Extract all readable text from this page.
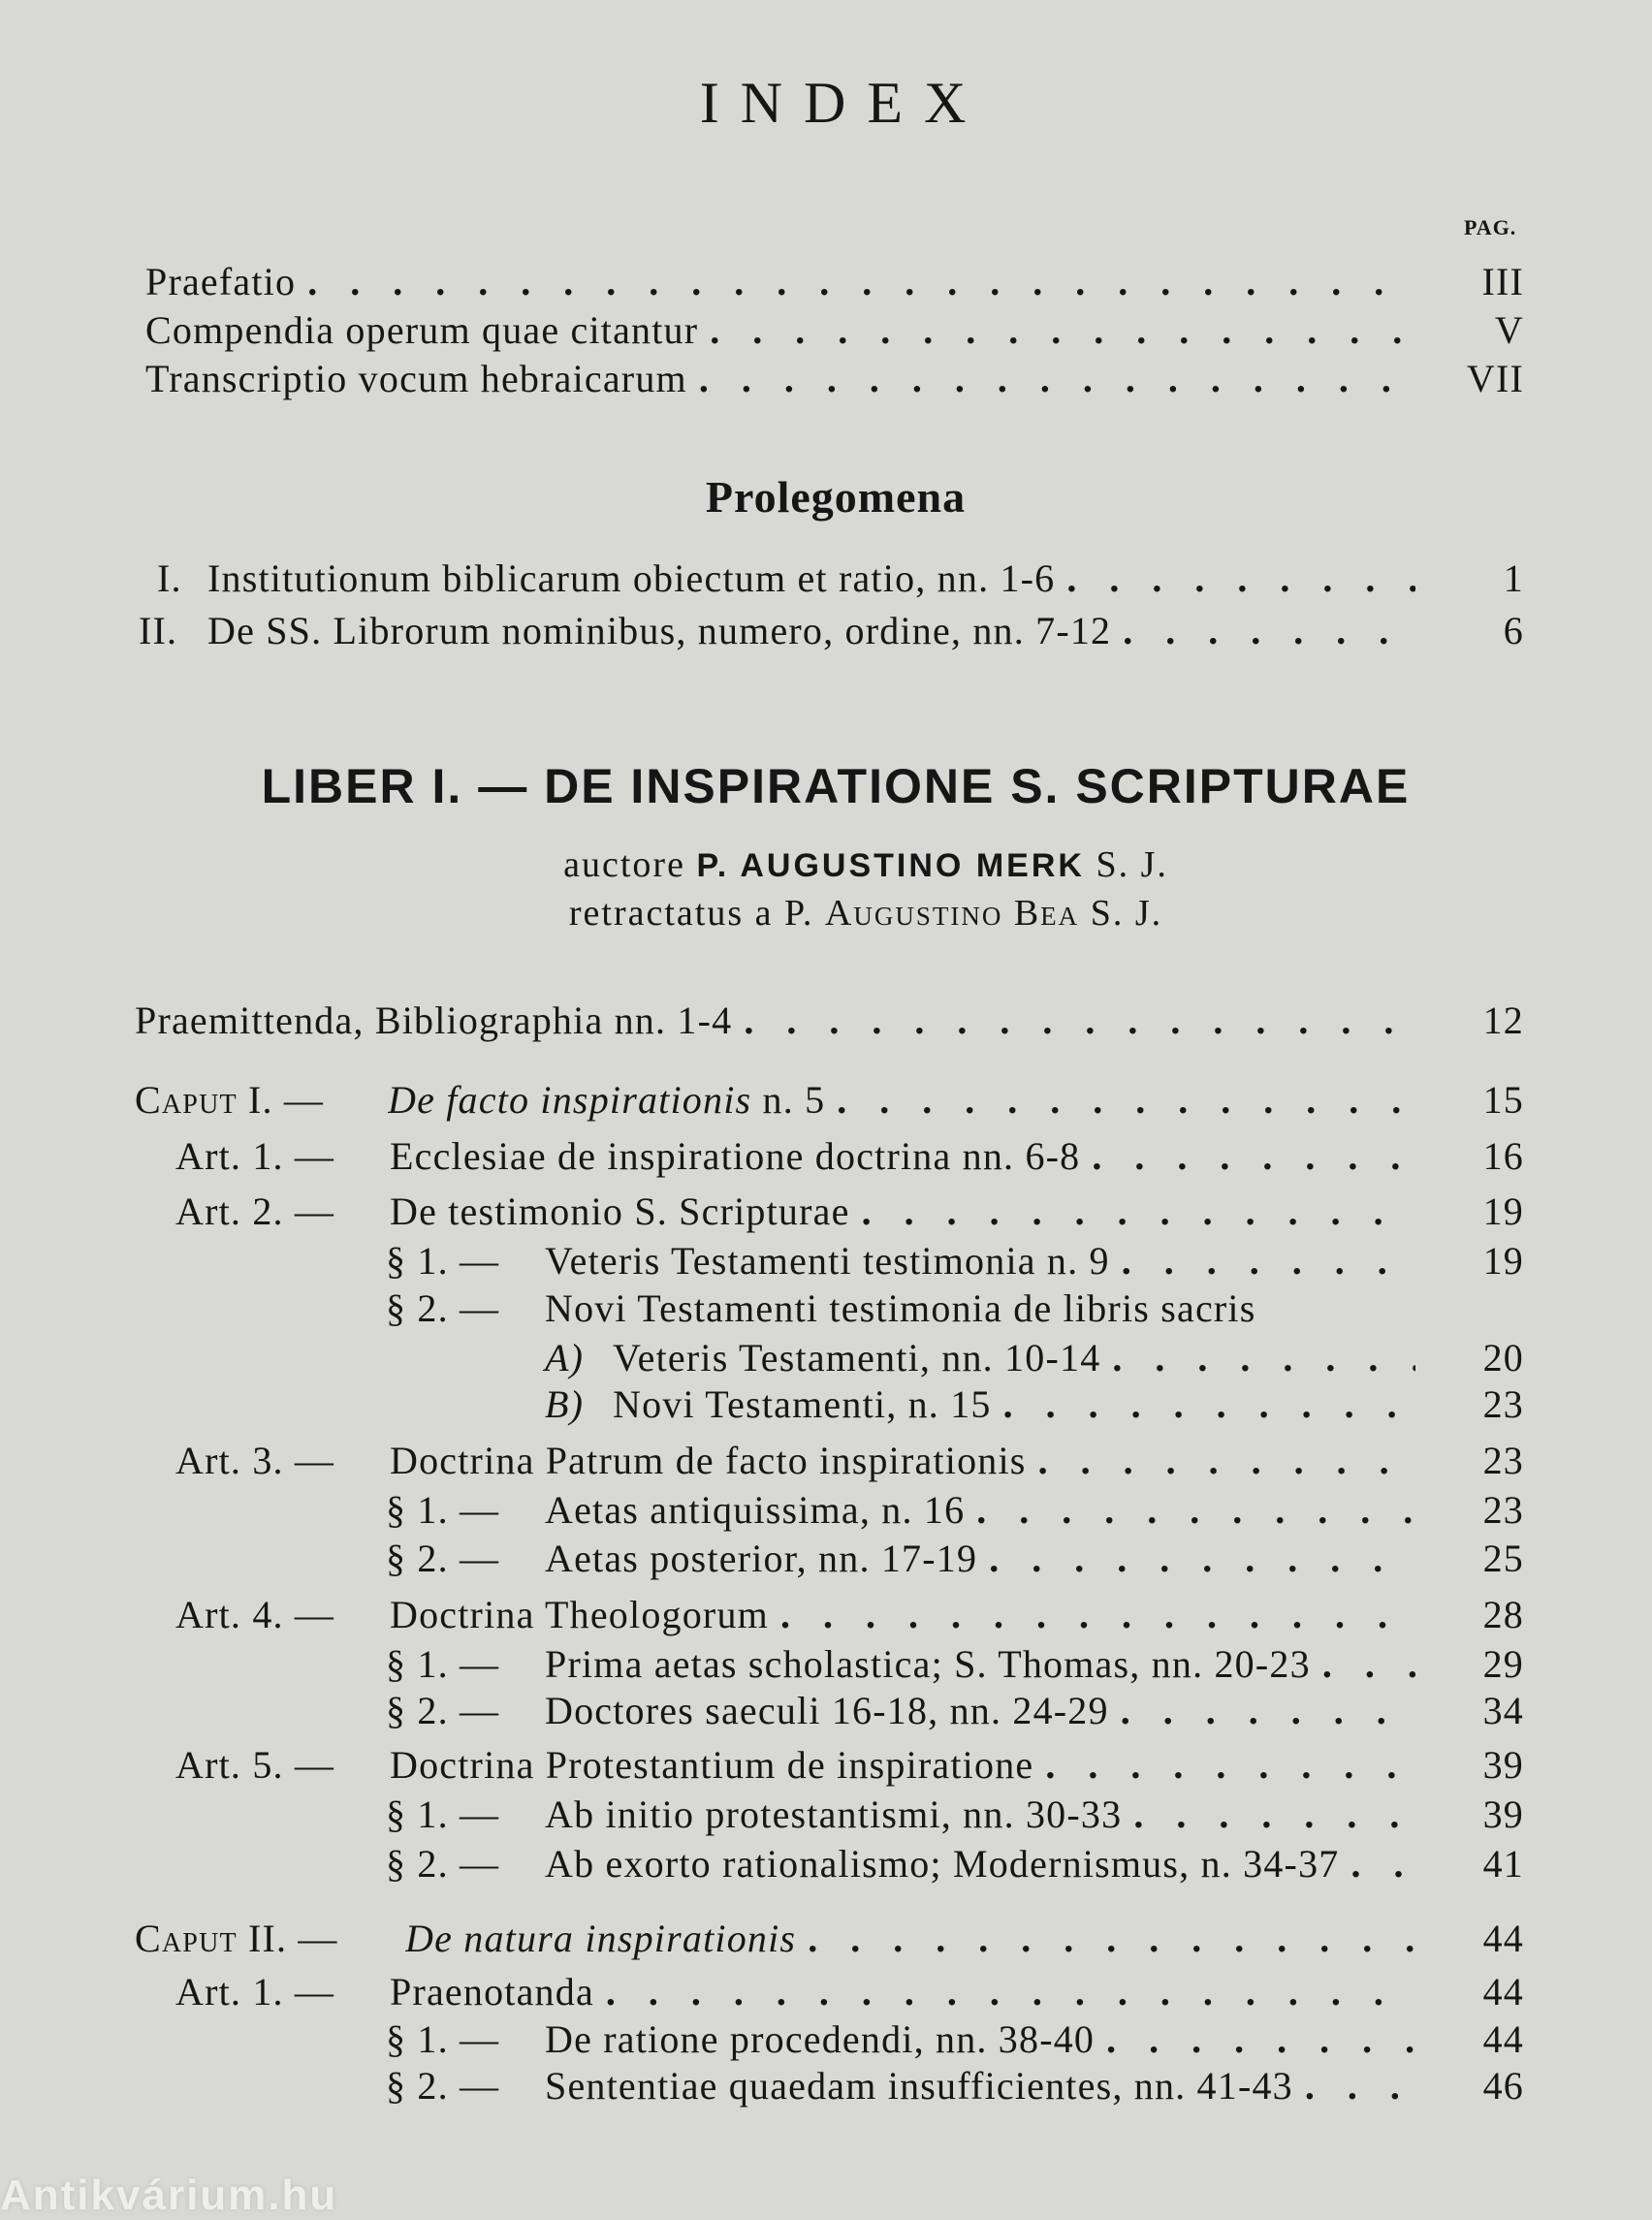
INDEX
PAG.
Praefatio . . .	III
Compendia operum quae citantur . . .	V
Transcriptio vocum hebraicarum . . .	VII
Prolegomena
I. Institutionum biblicarum obiectum et ratio, nn. 1-6 . . .	1
II. De SS. Librorum nominibus, numero, ordine, nn. 7-12 . . .	6
LIBER I. — DE INSPIRATIONE S. SCRIPTURAE
auctore P. AUGUSTINO MERK S. J.
retractatus a P. Augustino Bea S. J.
Praemittenda, Bibliographia nn. 1-4 . . .	12
Caput I. — De facto inspirationis n. 5 . . .	15
Art. 1. — Ecclesiae de inspiratione doctrina nn. 6-8 . . .	16
Art. 2. — De testimonio S. Scripturae . . .	19
§ 1. — Veteris Testamenti testimonia n. 9 . . .	19
§ 2. — Novi Testamenti testimonia de libris sacris
A) Veteris Testamenti, nn. 10-14 . . .	20
B) Novi Testamenti, n. 15 . . .	23
Art. 3. — Doctrina Patrum de facto inspirationis . . .	23
§ 1. — Aetas antiquissima, n. 16 . . .	23
§ 2. — Aetas posterior, nn. 17-19 . . .	25
Art. 4. — Doctrina Theologorum . . .	28
§ 1. — Prima aetas scholastica; S. Thomas, nn. 20-23 . . .	29
§ 2. — Doctores saeculi 16-18, nn. 24-29 . . .	34
Art. 5. — Doctrina Protestantium de inspiratione . . .	39
§ 1. — Ab initio protestantismi, nn. 30-33 . . .	39
§ 2. — Ab exorto rationalismo; Modernismus, n. 34-37 . . .	41
Caput II. — De natura inspirationis . . .	44
Art. 1. — Praenotanda . . .	44
§ 1. — De ratione procedendi, nn. 38-40 . . .	44
§ 2. — Sententiae quaedam insufficientes, nn. 41-43 . . .	46
Antikvárium.hu
